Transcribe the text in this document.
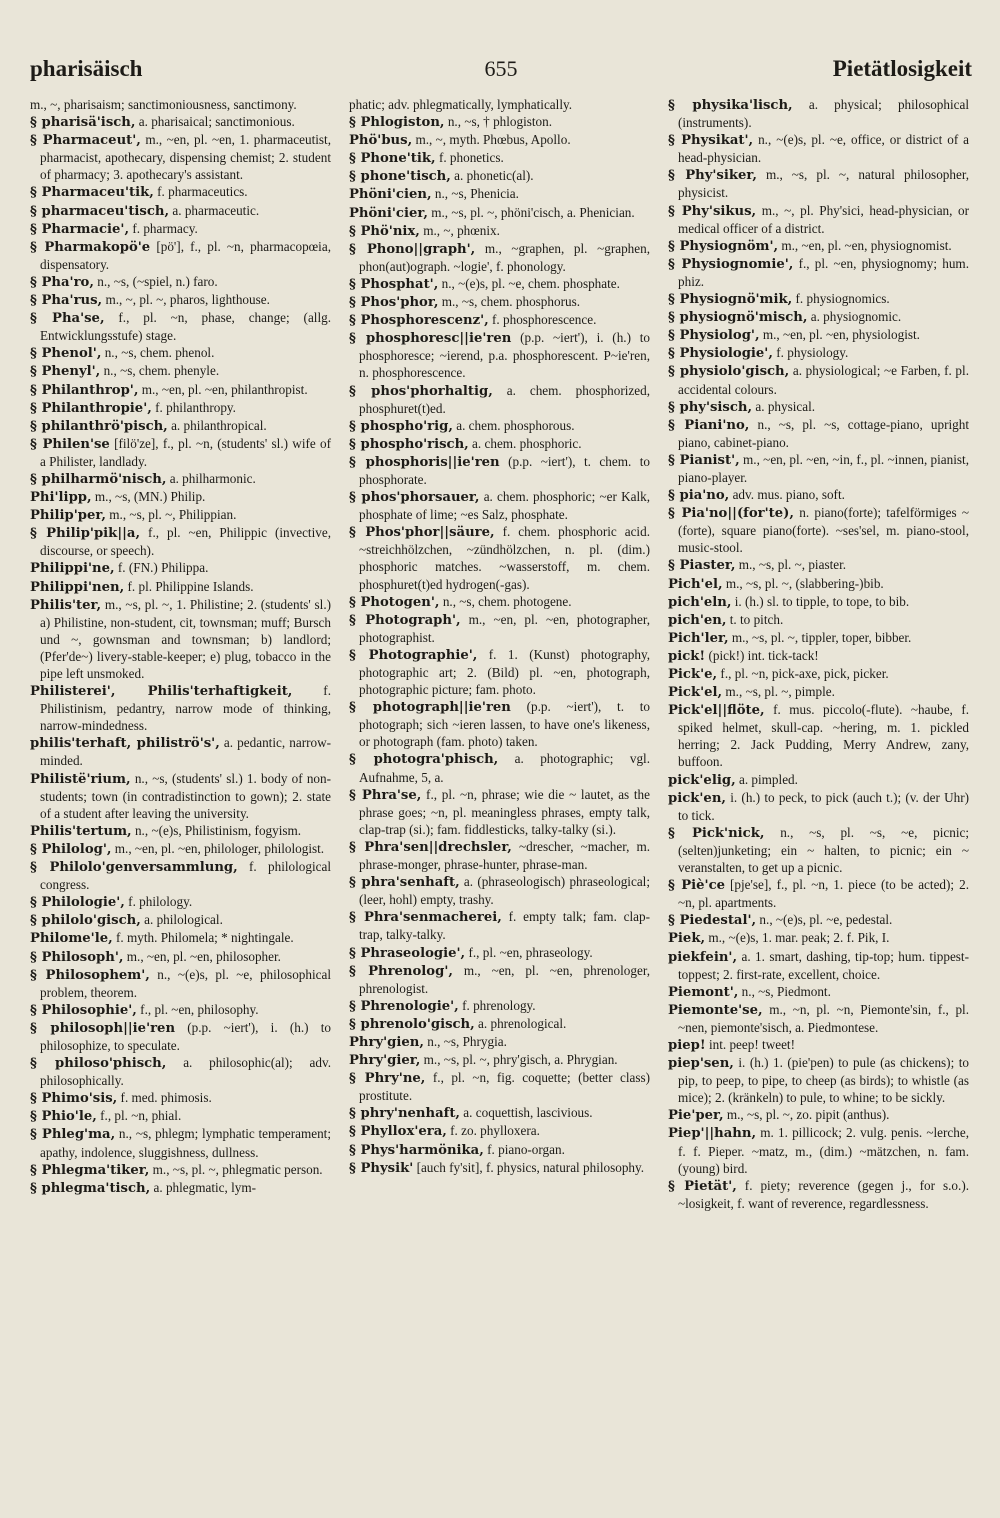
pharisäisch	655	Pietätlosigkeit

m., ~, pharisaism; sanctimoniousness, sanctimony.

§ pharisä'isch, a. pharisaical; sanctimonious.

§ Pharmaceut', m., ~en, pl. ~en, 1. pharmaceutist, pharmacist, apothecary, dispensing chemist; 2. student of pharmacy; 3. apothecary's assistant.

§ Pharmaceu'tik, f. pharmaceutics.

§ pharmaceu'tisch, a. pharmaceutic.

§ Pharmacie', f. pharmacy.

§ Pharmakopö'e [pö'], f., pl. ~n, pharmacopœia, dispensatory.

§ Pha'ro, n., ~s, (~spiel, n.) faro.

§ Pha'rus, m., ~, pl. ~, pharos, lighthouse.

§ Pha'se, f., pl. ~n, phase, change; (allg. Entwicklungsstufe) stage.

§ Phenol', n., ~s, chem. phenol.

§ Phenyl', n., ~s, chem. phenyle.

§ Philanthrop', m., ~en, pl. ~en, philanthropist.

§ Philanthropie', f. philanthropy.

§ philanthrö'pisch, a. philanthropical.

§ Philen'se [filö'ze], f., pl. ~n, (students' sl.) wife of a Philister, landlady.

§ philharmö'nisch, a. philharmonic.

Phi'lipp, m., ~s, (MN.) Philip.

Philip'per, m., ~s, pl. ~, Philippian.

§ Philip'pik||a, f., pl. ~en, Philippic (invective, discourse, or speech).

Philippi'ne, f. (FN.) Philippa.

Philippi'nen, f. pl. Philippine Islands.

Philis'ter, m., ~s, pl. ~, 1. Philistine; 2. (students' sl.) a) Philistine, non-student, cit, townsman; muff; Bursch und ~, gownsman and townsman; b) landlord; (Pfer'de~) livery-stable-keeper; e) plug, tobacco in the pipe left unsmoked.

Philisterei', Philis'terhaftigkeit, f. Philistinism, pedantry, narrow mode of thinking, narrow-mindedness.

philis'terhaft, philiströ's', a. pedantic, narrow-minded.

Philistë'rium, n., ~s, (students' sl.) 1. body of non-students; town (in contradistinction to gown); 2. state of a student after leaving the university.

Philis'tertum, n., ~(e)s, Philistinism, fogyism.

§ Philolog', m., ~en, pl. ~en, philologer, philologist.

§ Philolo'genversammlung, f. philological congress.

§ Philologie', f. philology.

§ philolo'gisch, a. philological.

Philome'le, f. myth. Philomela; * nightingale.

§ Philosoph', m., ~en, pl. ~en, philosopher.

§ Philosophem', n., ~(e)s, pl. ~e, philosophical problem, theorem.

§ Philosophie', f., pl. ~en, philosophy.

§ philosoph||ie'ren (p.p. ~iert'), i. (h.) to philosophize, to speculate.

§ philoso'phisch, a. philosophic(al); adv. philosophically.

§ Phimo'sis, f. med. phimosis.

§ Phio'le, f., pl. ~n, phial.

§ Phleg'ma, n., ~s, phlegm; lymphatic temperament; apathy, indolence, sluggishness, dullness.

§ Phlegma'tiker, m., ~s, pl. ~, phlegmatic person.

§ phlegma'tisch, a. phlegmatic, lym-

phatic; adv. phlegmatically, lymphatically.

§ Phlogiston, n., ~s, † phlogiston.

Phö'bus, m., ~, myth. Phœbus, Apollo.

§ Phone'tik, f. phonetics.

§ phone'tisch, a. phonetic(al).

Phöni'cien, n., ~s, Phenicia.

Phöni'cier, m., ~s, pl. ~, phöni'cisch, a. Phenician.

§ Phö'nix, m., ~, phœnix.

§ Phono||graph', m., ~graphen, pl. ~graphen, phon(aut)ograph. ~logie', f. phonology.

§ Phosphat', n., ~(e)s, pl. ~e, chem. phosphate.

§ Phos'phor, m., ~s, chem. phosphorus.

§ Phosphorescenz', f. phosphorescence.

§ phosphoresc||ie'ren (p.p. ~iert'), i. (h.) to phosphoresce; ~ierend, p.a. phosphorescent. P~ie'ren, n. phosphorescence.

§ phos'phorhaltig, a. chem. phosphorized, phosphuret(t)ed.

§ phospho'rig, a. chem. phosphorous.

§ phospho'risch, a. chem. phosphoric.

§ phosphoris||ie'ren (p.p. ~iert'), t. chem. to phosphorate.

§ phos'phorsauer, a. chem. phosphoric; ~er Kalk, phosphate of lime; ~es Salz, phosphate.

§ Phos'phor||säure, f. chem. phosphoric acid. ~streichhölzchen, ~zündhölzchen, n. pl. (dim.) phosphoric matches. ~wasserstoff, m. chem. phosphuret(t)ed hydrogen(-gas).

§ Photogen', n., ~s, chem. photogene.

§ Photograph', m., ~en, pl. ~en, photographer, photographist.

§ Photographie', f. 1. (Kunst) photography, photographic art; 2. (Bild) pl. ~en, photograph, photographic picture; fam. photo.

§ photograph||ie'ren (p.p. ~iert'), t. to photograph; sich ~ieren lassen, to have one's likeness, or photograph (fam. photo) taken.

§ photogra'phisch, a. photographic; vgl. Aufnahme, 5, a.

§ Phra'se, f., pl. ~n, phrase; wie die ~ lautet, as the phrase goes; ~n, pl. meaningless phrases, empty talk, clap-trap (si.); fam. fiddlesticks, talky-talky (si.).

§ Phra'sen||drechsler, ~drescher, ~macher, m. phrase-monger, phrase-hunter, phrase-man.

§ phra'senhaft, a. (phraseologisch) phraseological; (leer, hohl) empty, trashy.

§ Phra'senmacherei, f. empty talk; fam. clap-trap, talky-talky.

§ Phraseologie', f., pl. ~en, phraseology.

§ Phrenolog', m., ~en, pl. ~en, phrenologer, phrenologist.

§ Phrenologie', f. phrenology.

§ phrenolo'gisch, a. phrenological.

Phry'gien, n., ~s, Phrygia.

Phry'gier, m., ~s, pl. ~, phry'gisch, a. Phrygian.

§ Phry'ne, f., pl. ~n, fig. coquette; (better class) prostitute.

§ phry'nenhaft, a. coquettish, lascivious.

§ Phyllox'era, f. zo. phylloxera.

§ Phys'harmönika, f. piano-organ.

§ Physik' [auch fy'sit], f. physics, natural philosophy.

§ physika'lisch, a. physical; philosophical (instruments).

§ Physikat', n., ~(e)s, pl. ~e, office, or district of a head-physician.

§ Phy'siker, m., ~s, pl. ~, natural philosopher, physicist.

§ Phy'sikus, m., ~, pl. Phy'sici, head-physician, or medical officer of a district.

§ Physiognöm', m., ~en, pl. ~en, physiognomist.

§ Physiognomie', f., pl. ~en, physiognomy; hum. phiz.

§ Physiognö'mik, f. physiognomics.

§ physiognö'misch, a. physiognomic.

§ Physiolog', m., ~en, pl. ~en, physiologist.

§ Physiologie', f. physiology.

§ physiolo'gisch, a. physiological; ~e Farben, f. pl. accidental colours.

§ phy'sisch, a. physical.

§ Piani'no, n., ~s, pl. ~s, cottage-piano, upright piano, cabinet-piano.

§ Pianist', m., ~en, pl. ~en, ~in, f., pl. ~innen, pianist, piano-player.

§ pia'no, adv. mus. piano, soft.

§ Pia'no||(for'te), n. piano(forte); tafelförmiges ~(forte), square piano(forte). ~ses'sel, m. piano-stool, music-stool.

§ Piaster, m., ~s, pl. ~, piaster.

Pich'el, m., ~s, pl. ~, (slabbering-)bib.

pich'eln, i. (h.) sl. to tipple, to tope, to bib.

pich'en, t. to pitch.

Pich'ler, m., ~s, pl. ~, tippler, toper, bibber.

pick! (pick!) int. tick-tack!

Pick'e, f., pl. ~n, pick-axe, pick, picker.

Pick'el, m., ~s, pl. ~, pimple.

Pick'el||flöte, f. mus. piccolo(-flute). ~haube, f. spiked helmet, skull-cap. ~hering, m. 1. pickled herring; 2. Jack Pudding, Merry Andrew, zany, buffoon.

pick'elig, a. pimpled.

pick'en, i. (h.) to peck, to pick (auch t.); (v. der Uhr) to tick.

§ Pick'nick, n., ~s, pl. ~s, ~e, picnic; (selten)junketing; ein ~ halten, to picnic; ein ~ veranstalten, to get up a picnic.

§ Piè'ce [pje'se], f., pl. ~n, 1. piece (to be acted); 2. ~n, pl. apartments.

§ Piedestal', n., ~(e)s, pl. ~e, pedestal.

Piek, m., ~(e)s, 1. mar. peak; 2. f. Pik, I.

piekfein', a. 1. smart, dashing, tip-top; hum. tippest-toppest; 2. first-rate, excellent, choice.

Piemont', n., ~s, Piedmont.

Piemonte'se, m., ~n, pl. ~n, Piemonte'sin, f., pl. ~nen, piemonte'sisch, a. Piedmontese.

piep! int. peep! tweet!

piep'sen, i. (h.) 1. (pie'pen) to pule (as chickens); to pip, to peep, to pipe, to cheep (as birds); to whistle (as mice); 2. (kränkeln) to pule, to whine; to be sickly.

Pie'per, m., ~s, pl. ~, zo. pipit (anthus).

Piep'||hahn, m. 1. pillicock; 2. vulg. penis. ~lerche, f. f. Pieper. ~matz, m., (dim.) ~mätzchen, n. fam. (young) bird.

§ Pietät', f. piety; reverence (gegen j., for s.o.). ~losigkeit, f. want of reverence, regardlessness.
